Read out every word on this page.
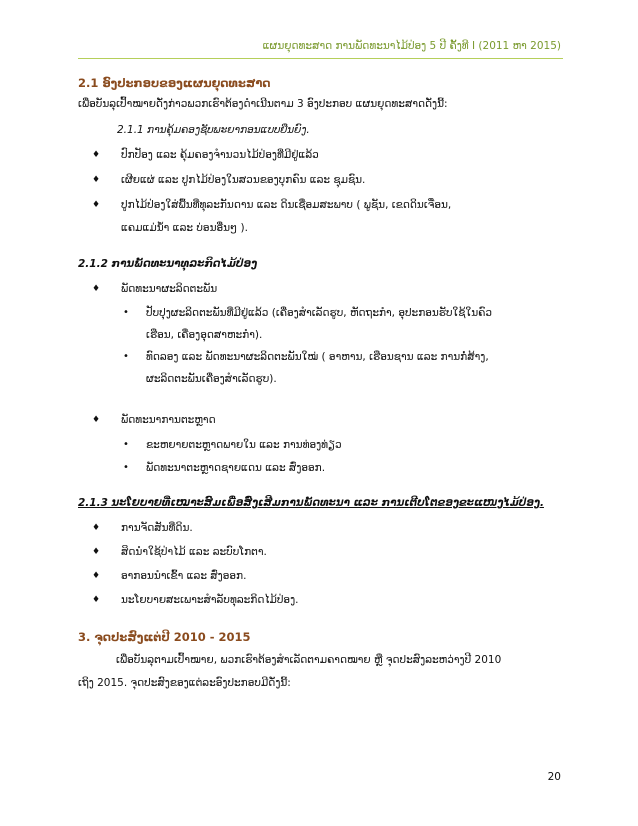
ແຜນຍຸດທະສາດ ການພັດທະນາໄມ້ປ່ອງ 5 ປີ ຄັ້ງທີ I (2011 ຫາ 2015)
2.1 ອົງປະກອບຂອງແຜນຍຸດທະສາດ
ເພື່ອບັນລຸເປົ້າໝາຍດັ່ງກ່າວພວກເຮົາຕ້ອງດຳເນີນຕາມ 3 ອົງປະກອບ ແຜນຍຸດທະສາດດັ່ງນີ້:
2.1.1 ການຄຸ້ມຄອງຊັບພະຍາກອນແບບຍືນຍົງ.
♦ ປົກປັອງ ແລະ ຄຸ້ມຄອງຈຳນວນໄມ້ປ່ອງທີ່ມີຢູ່ແລ້ວ
♦ ເຜີຍແຜ່ ແລະ ປູກໄມ້ປ່ອງໃນສວນຂອງບຸກຄົນ ແລະ ຊຸມຊົນ.
♦ ປູກໄມ້ປ່ອງໃສ່ພື້ນທີ່ທຸລະກັນດານ ແລະ ດິນເຊື່ອມສະພາບ ( ພູຊັນ, ເຂດດິນເຈື່ອນ,
ແຄມແມ່ນ້ຳ ແລະ ບ່ອນອື່ນໆ ).
2.1.2 ການພັດທະນາທຸລະກິດໄມ້ປ່ອງ
♦ ພັດທະນາຜະລິດຕະພັນ
• ປັບປຸງຜະລິດຕະພັນທີ່ມີຢູ່ແລ້ວ (ເຄື່ອງສຳເລັດຮູບ, ຫັດຖະກຳ, ອຸປະກອນຮັບໃຊ້ໃນຄົວ
ເຮືອນ, ເຄື່ອງອຸດສາຫະກຳ).
• ທົດລອງ ແລະ ພັດທະນາຜະລິດຕະພັນໃໝ່ ( ອາຫານ, ເຮືອນຊານ ແລະ ການກໍ່ສ້າງ,
ຜະລິດຕະພັນເຄື່ອງສຳເລັດຮູບ).
♦ ພັດທະນາການຕະຫຼາດ
• ຂະຫຍາຍຕະຫຼາດພາຍໃນ ແລະ ການທ່ອງທ່ຽວ
• ພັດທະນາຕະຫຼາດຊາຍແດນ ແລະ ສົ່ງອອກ.
2.1.3 ນະໂຍບາຍທີ່ເໝາະສົມເພື່ອສົ່ງເສີມການພັດທະນາ ແລະ ການເຕີບໂຕຂອງຂະແໜງໄມ້ປ່ອງ.
♦ ການຈັດສັນທີ່ດິນ.
♦ ສິດນຳໃຊ້ປ່າໄມ້ ແລະ ລະບົບໂກຕາ.
♦ ອາກອນນຳເຂົ້າ ແລະ ສົ່ງອອກ.
♦ ນະໂຍບາຍສະເພາະສຳລັບທຸລະກິດໄມ້ປ່ອງ.
3. ຈຸດປະສົງແຕ່ປີ 2010 - 2015
ເພື່ອບັນລຸຕາມເປົ້າໝາຍ, ພວກເຮົາຕ້ອງສຳເລັດຕາມຄາດໝາຍ ຫຼື ຈຸດປະສົງລະຫວ່າງປີ 2010
ເຖິງ 2015. ຈຸດປະສົງຂອງແຕ່ລະອົງປະກອບມີດັ່ງນີ້:
20
